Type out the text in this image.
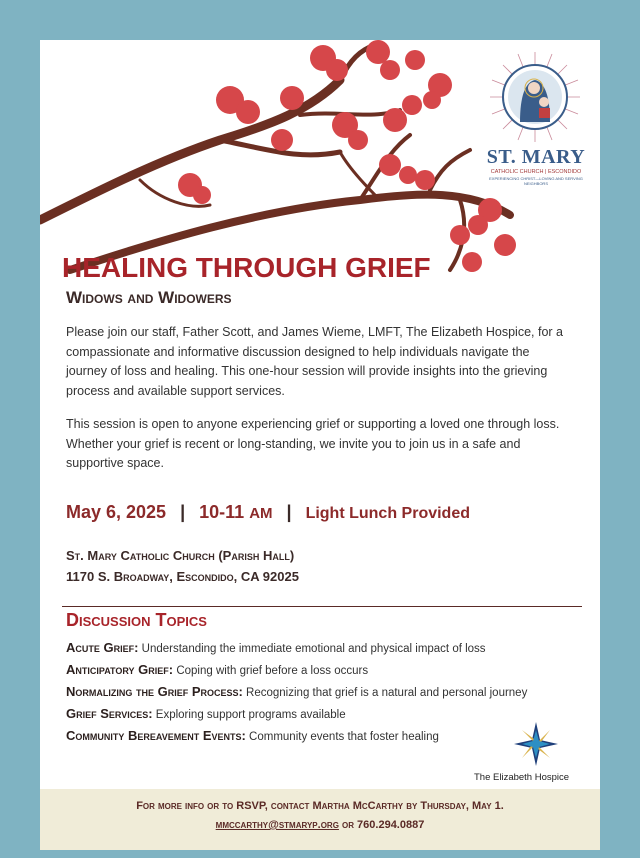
ST. MARY
CATHOLIC CHURCH | ESCONDIDO
EXPERIENCING CHRIST—LOVING AND SERVING NEIGHBORS
HEALING THROUGH GRIEF
Widows and Widowers

Please join our staff, Father Scott, and James Wieme, LMFT, The Elizabeth Hospice, for a compassionate and informative discussion designed to help individuals navigate the journey of loss and healing. This one-hour session will provide insights into the grieving process and available support services.

This session is open to anyone experiencing grief or supporting a loved one through loss. Whether your grief is recent or long-standing, we invite you to join us in a safe and supportive space.

May 6, 2025 | 10-11 AM | Light Lunch Provided
St. Mary Catholic Church (Parish Hall)
1170 S. Broadway, Escondido, CA 92025
Discussion Topics
Acute Grief: Understanding the immediate emotional and physical impact of loss
Anticipatory Grief: Coping with grief before a loss occurs
Normalizing the Grief Process: Recognizing that grief is a natural and personal journey
Grief Services: Exploring support programs available
Community Bereavement Events: Community events that foster healing
The Elizabeth Hospice
For more info or to RSVP, contact Martha McCarthy by Thursday, May 1.
mmccarthy@stmaryp.org or 760.294.0887
